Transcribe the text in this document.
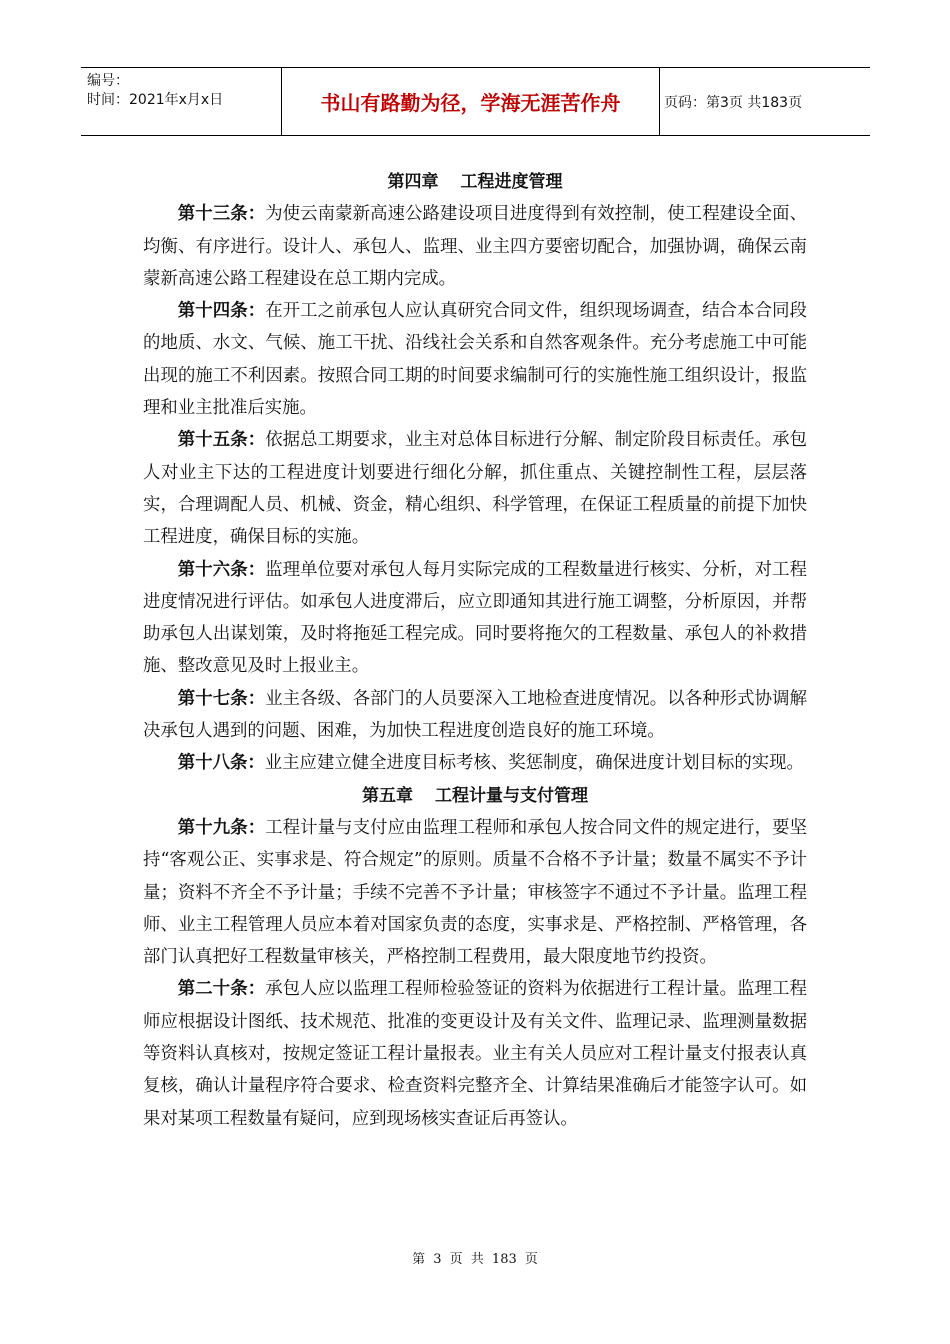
编号：
时间：2021年x月x日	书山有路勤为径，学海无涯苦作舟	页码：第3页 共183页
第四章 工程进度管理

第十三条：为使云南蒙新高速公路建设项目进度得到有效控制，使工程建设全面、均衡、有序进行。设计人、承包人、监理、业主四方要密切配合，加强协调，确保云南蒙新高速公路工程建设在总工期内完成。

第十四条：在开工之前承包人应认真研究合同文件，组织现场调查，结合本合同段的地质、水文、气候、施工干扰、沿线社会关系和自然客观条件。充分考虑施工中可能出现的施工不利因素。按照合同工期的时间要求编制可行的实施性施工组织设计，报监理和业主批准后实施。

第十五条：依据总工期要求，业主对总体目标进行分解、制定阶段目标责任。承包人对业主下达的工程进度计划要进行细化分解，抓住重点、关键控制性工程，层层落实，合理调配人员、机械、资金，精心组织、科学管理，在保证工程质量的前提下加快工程进度，确保目标的实施。

第十六条：监理单位要对承包人每月实际完成的工程数量进行核实、分析，对工程进度情况进行评估。如承包人进度滞后，应立即通知其进行施工调整，分析原因，并帮助承包人出谋划策，及时将拖延工程完成。同时要将拖欠的工程数量、承包人的补救措施、整改意见及时上报业主。

第十七条：业主各级、各部门的人员要深入工地检查进度情况。以各种形式协调解决承包人遇到的问题、困难，为加快工程进度创造良好的施工环境。

第十八条：业主应建立健全进度目标考核、奖惩制度，确保进度计划目标的实现。

第五章 工程计量与支付管理

第十九条：工程计量与支付应由监理工程师和承包人按合同文件的规定进行，要坚持“客观公正、实事求是、符合规定”的原则。质量不合格不予计量；数量不属实不予计量；资料不齐全不予计量；手续不完善不予计量；审核签字不通过不予计量。监理工程师、业主工程管理人员应本着对国家负责的态度，实事求是、严格控制、严格管理，各部门认真把好工程数量审核关，严格控制工程费用，最大限度地节约投资。

第二十条：承包人应以监理工程师检验签证的资料为依据进行工程计量。监理工程师应根据设计图纸、技术规范、批准的变更设计及有关文件、监理记录、监理测量数据等资料认真核对，按规定签证工程计量报表。业主有关人员应对工程计量支付报表认真复核，确认计量程序符合要求、检查资料完整齐全、计算结果准确后才能签字认可。如果对某项工程数量有疑问，应到现场核实查证后再签认。

第 3 页 共 183 页
